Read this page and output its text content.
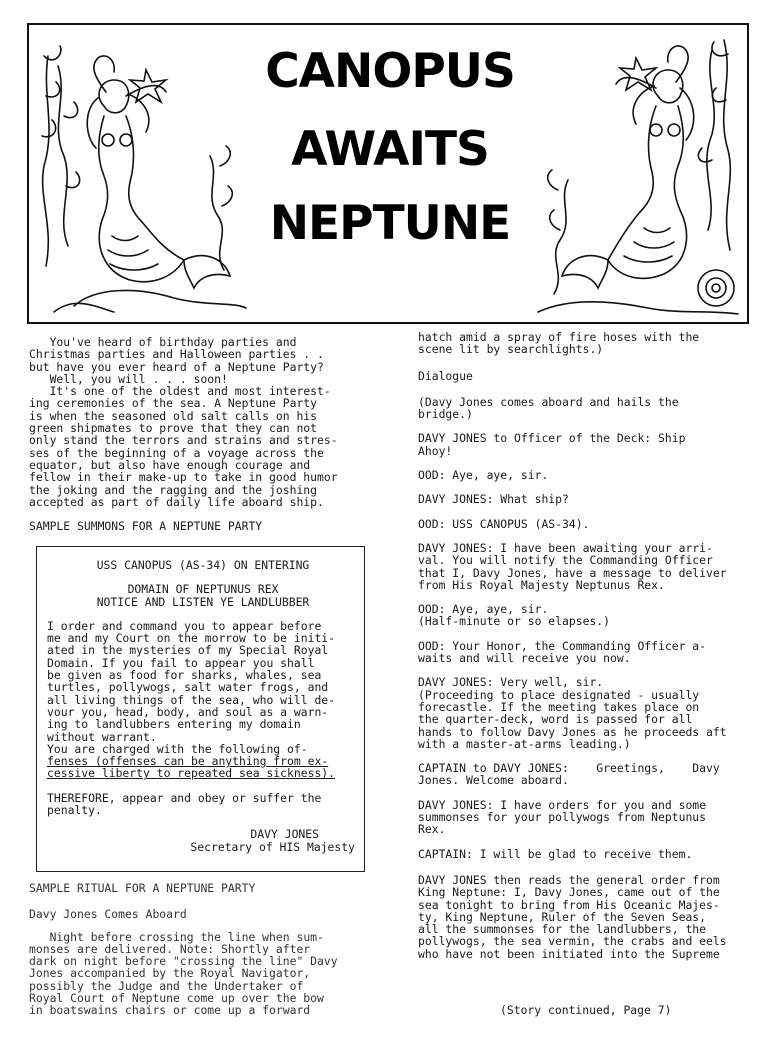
CANOPUS
AWAITS
NEPTUNE

You've heard of birthday parties and

Christmas parties and Halloween parties . .

but have you ever heard of a Neptune Party?

Well, you will . . . soon!

It's one of the oldest and most interest-

ing ceremonies of the sea. A Neptune Party

is when the seasoned old salt calls on his

green shipmates to prove that they can not

only stand the terrors and strains and stres-

ses of the beginning of a voyage across the

equator, but also have enough courage and

fellow in their make-up to take in good humor

the joking and the ragging and the joshing

accepted as part of daily life aboard ship.

SAMPLE SUMMONS FOR A NEPTUNE PARTY

USS CANOPUS (AS-34) ON ENTERING

DOMAIN OF NEPTUNUS REX

NOTICE AND LISTEN YE LANDLUBBER

I order and command you to appear before

me and my Court on the morrow to be initi-

ated in the mysteries of my Special Royal

Domain. If you fail to appear you shall

be given as food for sharks, whales, sea

turtles, pollywogs, salt water frogs, and

all living things of the sea, who will de-

vour you, head, body, and soul as a warn-

ing to landlubbers entering my domain

without warrant.

You are charged with the following of-

fenses (offenses can be anything from ex-

cessive liberty to repeated sea sickness).

THEREFORE, appear and obey or suffer the

penalty.

DAVY JONES

Secretary of HIS Majesty

SAMPLE RITUAL FOR A NEPTUNE PARTY

Davy Jones Comes Aboard

Night before crossing the line when sum-

monses are delivered. Note: Shortly after

dark on night before "crossing the line" Davy

Jones accompanied by the Royal Navigator,

possibly the Judge and the Undertaker of

Royal Court of Neptune come up over the bow

in boatswains chairs or come up a forward

hatch amid a spray of fire hoses with the

scene lit by searchlights.)

Dialogue

(Davy Jones comes aboard and hails the

bridge.)

DAVY JONES to Officer of the Deck: Ship

Ahoy!

OOD: Aye, aye, sir.

DAVY JONES: What ship?

OOD: USS CANOPUS (AS-34).

DAVY JONES: I have been awaiting your arri-

val. You will notify the Commanding Officer

that I, Davy Jones, have a message to deliver

from His Royal Majesty Neptunus Rex.

OOD: Aye, aye, sir.

(Half-minute or so elapses.)

OOD: Your Honor, the Commanding Officer a-

waits and will receive you now.

DAVY JONES: Very well, sir.

(Proceeding to place designated - usually

forecastle. If the meeting takes place on

the quarter-deck, word is passed for all

hands to follow Davy Jones as he proceeds aft

with a master-at-arms leading.)

CAPTAIN to DAVY JONES:    Greetings,    Davy

Jones. Welcome aboard.

DAVY JONES: I have orders for you and some

summonses for your pollywogs from Neptunus

Rex.

CAPTAIN: I will be glad to receive them.

DAVY JONES then reads the general order from

King Neptune: I, Davy Jones, came out of the

sea tonight to bring from His Oceanic Majes-

ty, King Neptune, Ruler of the Seven Seas,

all the summonses for the landlubbers, the

pollywogs, the sea vermin, the crabs and eels

who have not been initiated into the Supreme

(Story continued, Page 7)
